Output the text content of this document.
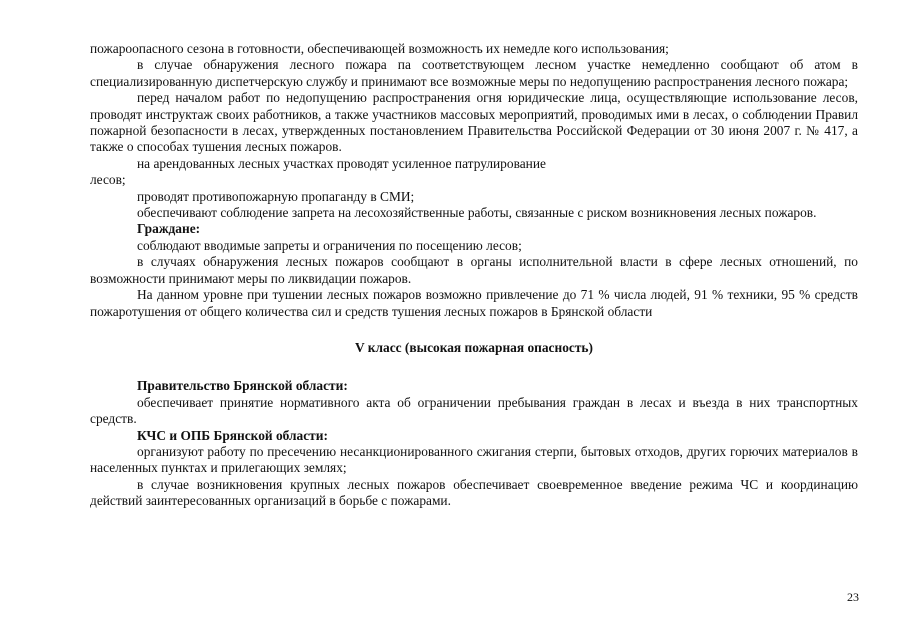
пожароопасного сезона в готовности, обеспечивающей возможность их немедле кого использования;

в случае обнаружения лесного пожара па соответствующем лесном участке немедленно сообщают об атом в специализированную диспетчерскую службу и принимают все возможные меры по недопущению распространения лесного пожара;

перед началом работ по недопущению распространения огня юридические лица, осуществляющие использование лесов, проводят инструктаж своих работников, а также участников массовых мероприятий, проводимых ими в лесах, о соблюдении Правил пожарной безопасности в лесах, утвержденных постановлением Правительства Российской Федерации от 30 июня 2007 г. № 417, а также о способах тушения лесных пожаров.

на арендованных лесных участках проводят усиленное патрулирование

лесов;

проводят противопожарную пропаганду в СМИ;

обеспечивают соблюдение запрета на лесохозяйственные работы, связанные с риском возникновения лесных пожаров.

Граждане:

соблюдают вводимые запреты и ограничения по посещению лесов;

в случаях обнаружения лесных пожаров сообщают в органы исполнительной власти в сфере лесных отношений, по возможности принимают меры по ликвидации пожаров.

На данном уровне при тушении лесных пожаров возможно привлечение до 71 % числа людей, 91 % техники, 95 % средств пожаротушения от общего количества сил и средств тушения лесных пожаров в Брянской области

V класс (высокая пожарная опасность)

Правительство Брянской области:

обеспечивает принятие нормативного акта об ограничении пребывания граждан в лесах и въезда в них транспортных средств.

КЧС и ОПБ Брянской области:

организуют работу по пресечению несанкционированного сжигания стерпи, бытовых отходов, других горючих материалов в населенных пунктах и прилегающих землях;

в случае возникновения крупных лесных пожаров обеспечивает своевременное введение режима ЧС и координацию действий заинтересованных организаций в борьбе с пожарами.

23
